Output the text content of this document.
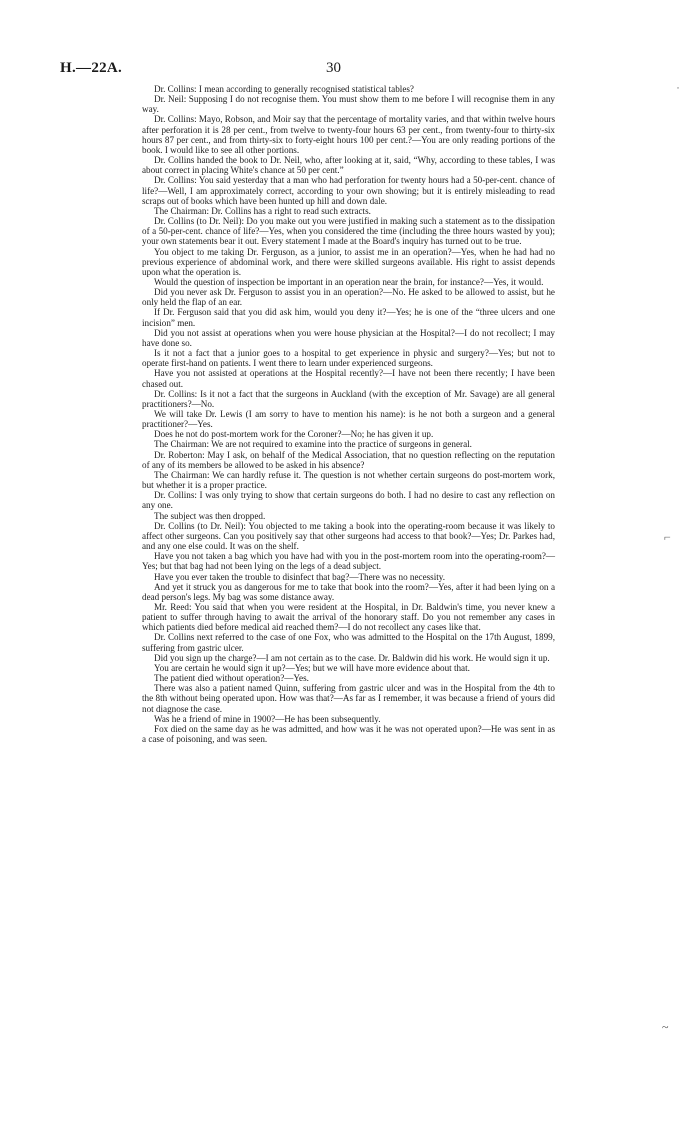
H.—22A.	30

Dr. Collins: I mean according to generally recognised statistical tables?

Dr. Neil: Supposing I do not recognise them. You must show them to me before I will recognise them in any way.

Dr. Collins: Mayo, Robson, and Moir say that the percentage of mortality varies, and that within twelve hours after perforation it is 28 per cent., from twelve to twenty-four hours 63 per cent., from twenty-four to thirty-six hours 87 per cent., and from thirty-six to forty-eight hours 100 per cent.?—You are only reading portions of the book. I would like to see all other portions.

Dr. Collins handed the book to Dr. Neil, who, after looking at it, said, “Why, according to these tables, I was about correct in placing White's chance at 50 per cent.”

Dr. Collins: You said yesterday that a man who had perforation for twenty hours had a 50-per-cent. chance of life?—Well, I am approximately correct, according to your own showing; but it is entirely misleading to read scraps out of books which have been hunted up hill and down dale.

The Chairman: Dr. Collins has a right to read such extracts.

Dr. Collins (to Dr. Neil): Do you make out you were justified in making such a statement as to the dissipation of a 50-per-cent. chance of life?—Yes, when you considered the time (including the three hours wasted by you); your own statements bear it out. Every statement I made at the Board's inquiry has turned out to be true.

You object to me taking Dr. Ferguson, as a junior, to assist me in an operation?—Yes, when he had had no previous experience of abdominal work, and there were skilled surgeons available. His right to assist depends upon what the operation is.

Would the question of inspection be important in an operation near the brain, for instance?—Yes, it would.

Did you never ask Dr. Ferguson to assist you in an operation?—No. He asked to be allowed to assist, but he only held the flap of an ear.

If Dr. Ferguson said that you did ask him, would you deny it?—Yes; he is one of the “three ulcers and one incision” men.

Did you not assist at operations when you were house physician at the Hospital?—I do not recollect; I may have done so.

Is it not a fact that a junior goes to a hospital to get experience in physic and surgery?—Yes; but not to operate first-hand on patients. I went there to learn under experienced surgeons.

Have you not assisted at operations at the Hospital recently?—I have not been there recently; I have been chased out.

Dr. Collins: Is it not a fact that the surgeons in Auckland (with the exception of Mr. Savage) are all general practitioners?—No.

We will take Dr. Lewis (I am sorry to have to mention his name): is he not both a surgeon and a general practitioner?—Yes.

Does he not do post-mortem work for the Coroner?—No; he has given it up.

The Chairman: We are not required to examine into the practice of surgeons in general.

Dr. Roberton: May I ask, on behalf of the Medical Association, that no question reflecting on the reputation of any of its members be allowed to be asked in his absence?

The Chairman: We can hardly refuse it. The question is not whether certain surgeons do post-mortem work, but whether it is a proper practice.

Dr. Collins: I was only trying to show that certain surgeons do both. I had no desire to cast any reflection on any one.

The subject was then dropped.

Dr. Collins (to Dr. Neil): You objected to me taking a book into the operating-room because it was likely to affect other surgeons. Can you positively say that other surgeons had access to that book?—Yes; Dr. Parkes had, and any one else could. It was on the shelf.

Have you not taken a bag which you have had with you in the post-mortem room into the operating-room?—Yes; but that bag had not been lying on the legs of a dead subject.

Have you ever taken the trouble to disinfect that bag?—There was no necessity.

And yet it struck you as dangerous for me to take that book into the room?—Yes, after it had been lying on a dead person's legs. My bag was some distance away.

Mr. Reed: You said that when you were resident at the Hospital, in Dr. Baldwin's time, you never knew a patient to suffer through having to await the arrival of the honorary staff. Do you not remember any cases in which patients died before medical aid reached them?—I do not recollect any cases like that.

Dr. Collins next referred to the case of one Fox, who was admitted to the Hospital on the 17th August, 1899, suffering from gastric ulcer.

Did you sign up the charge?—I am not certain as to the case. Dr. Baldwin did his work. He would sign it up.

You are certain he would sign it up?—Yes; but we will have more evidence about that.

The patient died without operation?—Yes.

There was also a patient named Quinn, suffering from gastric ulcer and was in the Hospital from the 4th to the 8th without being operated upon. How was that?—As far as I remember, it was because a friend of yours did not diagnose the case.

Was he a friend of mine in 1900?—He has been subsequently.

Fox died on the same day as he was admitted, and how was it he was not operated upon?—He was sent in as a case of poisoning, and was seen.

˙
⌐
~
